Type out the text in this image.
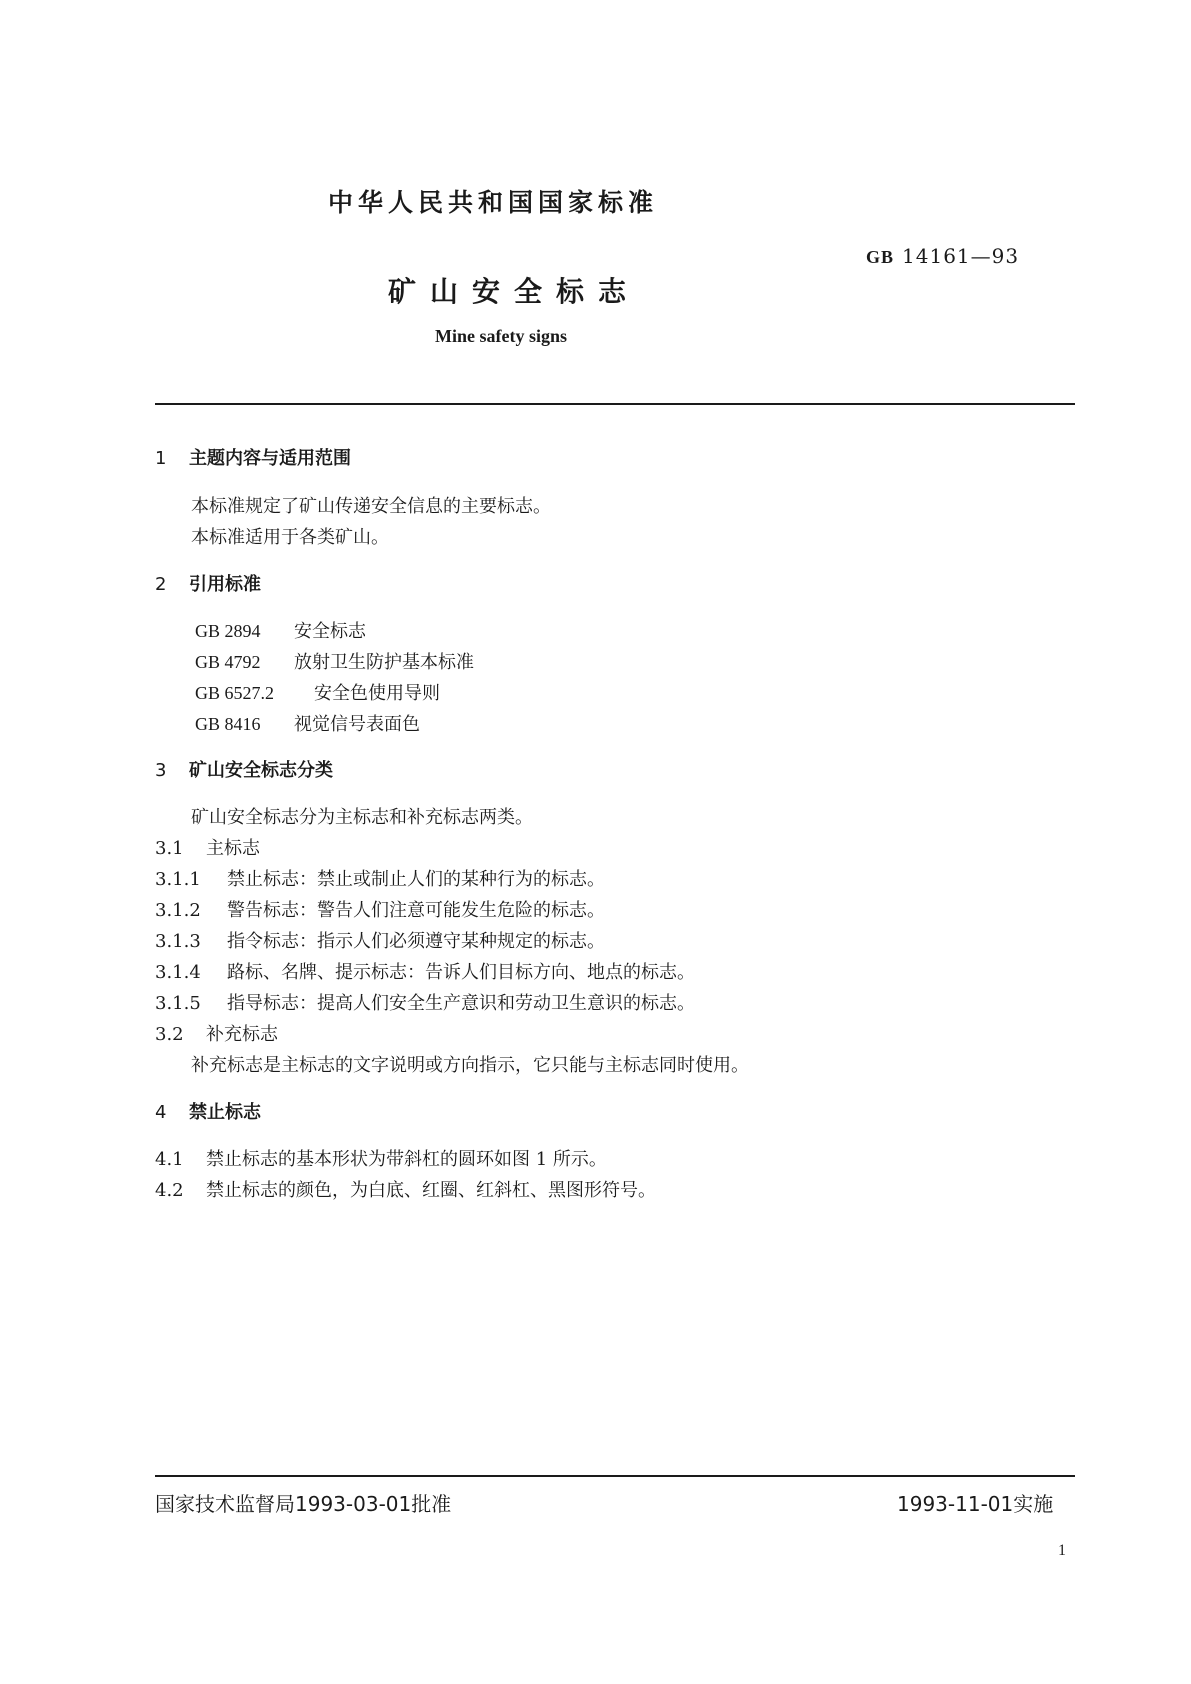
中华人民共和国国家标准
GB 14161—93
矿山安全标志
Mine safety signs
1 主题内容与适用范围
本标准规定了矿山传递安全信息的主要标志。
本标准适用于各类矿山。
2 引用标准
GB 2894 安全标志
GB 4792 放射卫生防护基本标准
GB 6527.2 安全色使用导则
GB 8416 视觉信号表面色
3 矿山安全标志分类
矿山安全标志分为主标志和补充标志两类。
3.1 主标志
3.1.1 禁止标志：禁止或制止人们的某种行为的标志。
3.1.2 警告标志：警告人们注意可能发生危险的标志。
3.1.3 指令标志：指示人们必须遵守某种规定的标志。
3.1.4 路标、名牌、提示标志：告诉人们目标方向、地点的标志。
3.1.5 指导标志：提高人们安全生产意识和劳动卫生意识的标志。
3.2 补充标志
补充标志是主标志的文字说明或方向指示，它只能与主标志同时使用。
4 禁止标志
4.1 禁止标志的基本形状为带斜杠的圆环如图 1 所示。
4.2 禁止标志的颜色，为白底、红圈、红斜杠、黑图形符号。
国家技术监督局1993-03-01批准	1993-11-01实施
1
